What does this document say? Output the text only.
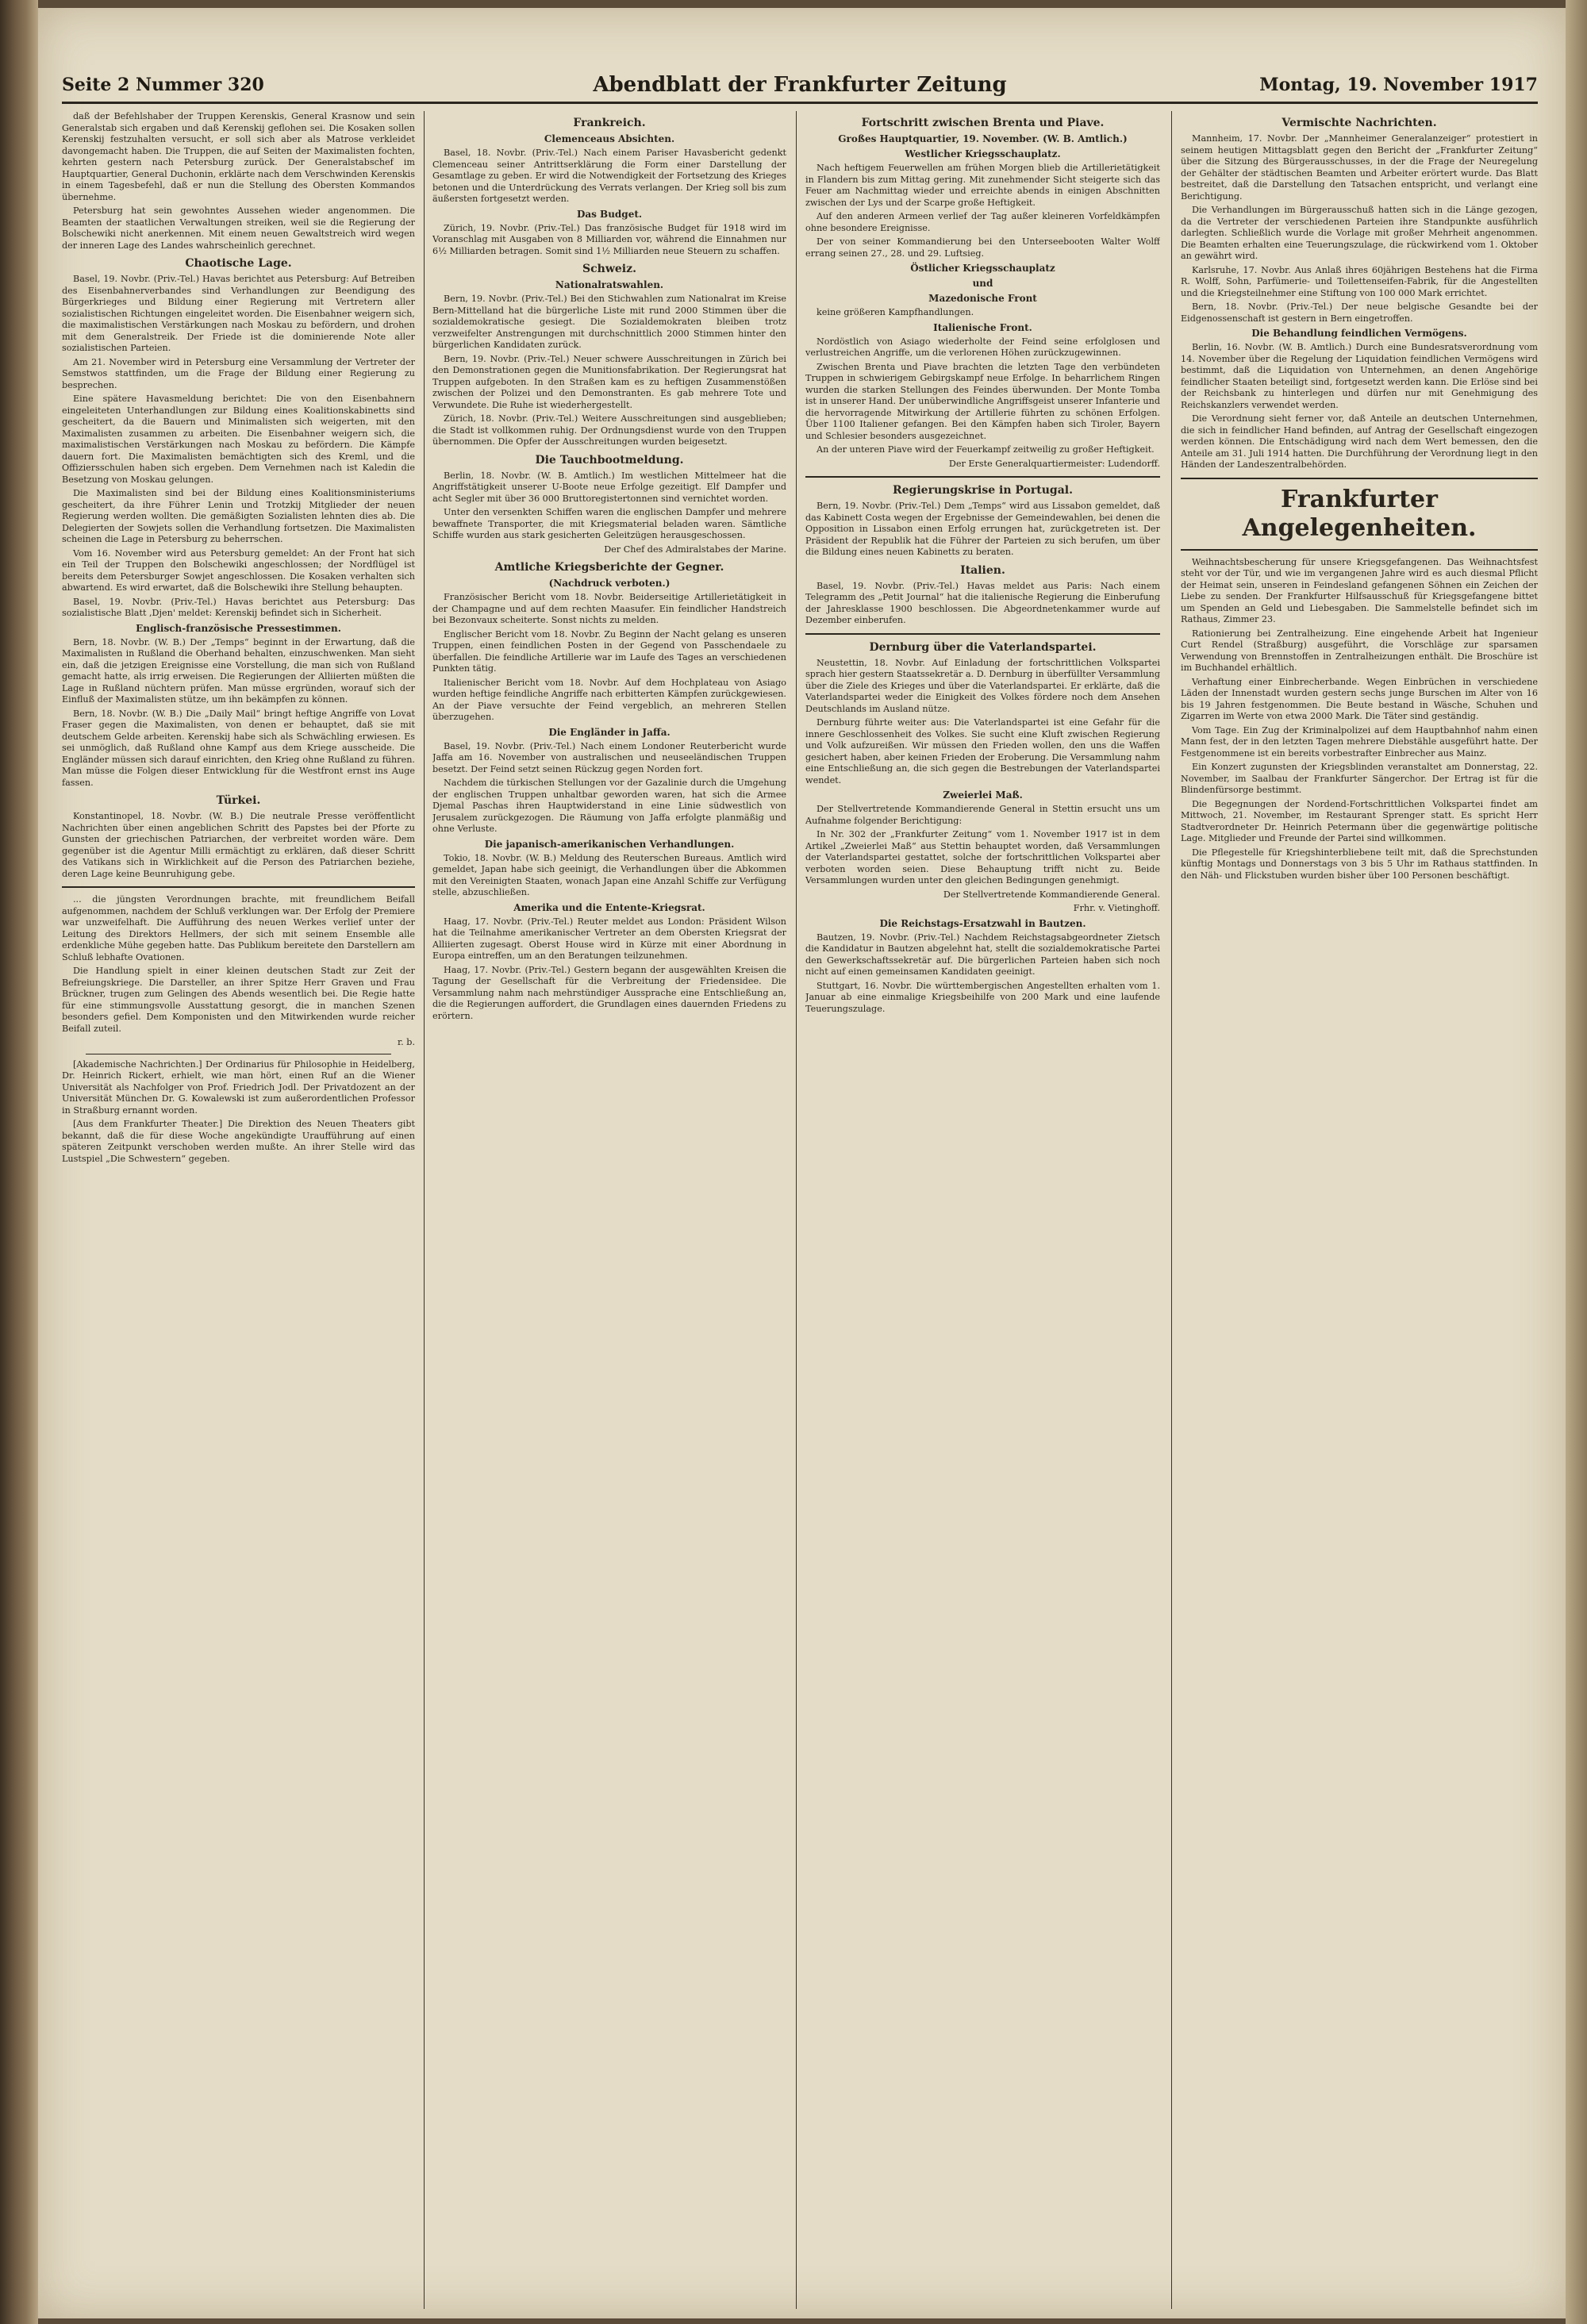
Seite 2 Nummer 320	Abendblatt der Frankfurter Zeitung	Montag, 19. November 1917

daß der Befehlshaber der Truppen Kerenskis, General Krasnow und sein Generalstab sich ergaben und daß Kerenskij geflohen sei. Die Kosaken sollen Kerenskij festzuhalten versucht, er soll sich aber als Matrose verkleidet davongemacht haben. Die Truppen, die auf Seiten der Maximalisten fochten, kehrten gestern nach Petersburg zurück. Der Generalstabschef im Hauptquartier, General Duchonin, erklärte nach dem Verschwinden Kerenskis in einem Tagesbefehl, daß er nun die Stellung des Obersten Kommandos übernehme.

Petersburg hat sein gewohntes Aussehen wieder angenommen. Die Beamten der staatlichen Verwaltungen streiken, weil sie die Regierung der Bolschewiki nicht anerkennen. Mit einem neuen Gewaltstreich wird wegen der inneren Lage des Landes wahrscheinlich gerechnet.

Chaotische Lage.

Basel, 19. Novbr. (Priv.-Tel.) Havas berichtet aus Petersburg: Auf Betreiben des Eisenbahnerverbandes sind Verhandlungen zur Beendigung des Bürgerkrieges und Bildung einer Regierung mit Vertretern aller sozialistischen Richtungen eingeleitet worden. Die Eisenbahner weigern sich, die maximalistischen Verstärkungen nach Moskau zu befördern, und drohen mit dem Generalstreik. Der Friede ist die dominierende Note aller sozialistischen Parteien.

Am 21. November wird in Petersburg eine Versammlung der Vertreter der Semstwos stattfinden, um die Frage der Bildung einer Regierung zu besprechen.

Eine spätere Havasmeldung berichtet: Die von den Eisenbahnern eingeleiteten Unterhandlungen zur Bildung eines Koalitionskabinetts sind gescheitert, da die Bauern und Minimalisten sich weigerten, mit den Maximalisten zusammen zu arbeiten. Die Eisenbahner weigern sich, die maximalistischen Verstärkungen nach Moskau zu befördern. Die Kämpfe dauern fort. Die Maximalisten bemächtigten sich des Kreml, und die Offiziersschulen haben sich ergeben. Dem Vernehmen nach ist Kaledin die Besetzung von Moskau gelungen.

Die Maximalisten sind bei der Bildung eines Koalitionsministeriums gescheitert, da ihre Führer Lenin und Trotzkij Mitglieder der neuen Regierung werden wollten. Die gemäßigten Sozialisten lehnten dies ab. Die Delegierten der Sowjets sollen die Verhandlung fortsetzen. Die Maximalisten scheinen die Lage in Petersburg zu beherrschen.

Vom 16. November wird aus Petersburg gemeldet: An der Front hat sich ein Teil der Truppen den Bolschewiki angeschlossen; der Nordflügel ist bereits dem Petersburger Sowjet angeschlossen. Die Kosaken verhalten sich abwartend. Es wird erwartet, daß die Bolschewiki ihre Stellung behaupten.

Basel, 19. Novbr. (Priv.-Tel.) Havas berichtet aus Petersburg: Das sozialistische Blatt ,Djen' meldet: Kerenskij befindet sich in Sicherheit.

Englisch-französische Pressestimmen.

Bern, 18. Novbr. (W. B.) Der „Temps“ beginnt in der Erwartung, daß die Maximalisten in Rußland die Oberhand behalten, einzuschwenken. Man sieht ein, daß die jetzigen Ereignisse eine Vorstellung, die man sich von Rußland gemacht hatte, als irrig erweisen. Die Regierungen der Alliierten müßten die Lage in Rußland nüchtern prüfen. Man müsse ergründen, worauf sich der Einfluß der Maximalisten stütze, um ihn bekämpfen zu können.

Bern, 18. Novbr. (W. B.) Die „Daily Mail“ bringt heftige Angriffe von Lovat Fraser gegen die Maximalisten, von denen er behauptet, daß sie mit deutschem Gelde arbeiten. Kerenskij habe sich als Schwächling erwiesen. Es sei unmöglich, daß Rußland ohne Kampf aus dem Kriege ausscheide. Die Engländer müssen sich darauf einrichten, den Krieg ohne Rußland zu führen. Man müsse die Folgen dieser Entwicklung für die Westfront ernst ins Auge fassen.

Türkei.

Konstantinopel, 18. Novbr. (W. B.) Die neutrale Presse veröffentlicht Nachrichten über einen angeblichen Schritt des Papstes bei der Pforte zu Gunsten der griechischen Patriarchen, der verbreitet worden wäre. Dem gegenüber ist die Agentur Milli ermächtigt zu erklären, daß dieser Schritt des Vatikans sich in Wirklichkeit auf die Person des Patriarchen beziehe, deren Lage keine Beunruhigung gebe.

... die jüngsten Verordnungen brachte, mit freundlichem Beifall aufgenommen, nachdem der Schluß verklungen war. Der Erfolg der Premiere war unzweifelhaft. Die Aufführung des neuen Werkes verlief unter der Leitung des Direktors Hellmers, der sich mit seinem Ensemble alle erdenkliche Mühe gegeben hatte. Das Publikum bereitete den Darstellern am Schluß lebhafte Ovationen.

Die Handlung spielt in einer kleinen deutschen Stadt zur Zeit der Befreiungskriege. Die Darsteller, an ihrer Spitze Herr Graven und Frau Brückner, trugen zum Gelingen des Abends wesentlich bei. Die Regie hatte für eine stimmungsvolle Ausstattung gesorgt, die in manchen Szenen besonders gefiel. Dem Komponisten und den Mitwirkenden wurde reicher Beifall zuteil.

r. b.

[Akademische Nachrichten.] Der Ordinarius für Philosophie in Heidelberg, Dr. Heinrich Rickert, erhielt, wie man hört, einen Ruf an die Wiener Universität als Nachfolger von Prof. Friedrich Jodl. Der Privatdozent an der Universität München Dr. G. Kowalewski ist zum außerordentlichen Professor in Straßburg ernannt worden.

[Aus dem Frankfurter Theater.] Die Direktion des Neuen Theaters gibt bekannt, daß die für diese Woche angekündigte Uraufführung auf einen späteren Zeitpunkt verschoben werden mußte. An ihrer Stelle wird das Lustspiel „Die Schwestern“ gegeben.

Frankreich.
Clemenceaus Absichten.

Basel, 18. Novbr. (Priv.-Tel.) Nach einem Pariser Havasbericht gedenkt Clemenceau seiner Antrittserklärung die Form einer Darstellung der Gesamtlage zu geben. Er wird die Notwendigkeit der Fortsetzung des Krieges betonen und die Unterdrückung des Verrats verlangen. Der Krieg soll bis zum äußersten fortgesetzt werden.

Das Budget.

Zürich, 19. Novbr. (Priv.-Tel.) Das französische Budget für 1918 wird im Voranschlag mit Ausgaben von 8 Milliarden vor, während die Einnahmen nur 6½ Milliarden betragen. Somit sind 1½ Milliarden neue Steuern zu schaffen.

Schweiz.
Nationalratswahlen.

Bern, 19. Novbr. (Priv.-Tel.) Bei den Stichwahlen zum Nationalrat im Kreise Bern-Mittelland hat die bürgerliche Liste mit rund 2000 Stimmen über die sozialdemokratische gesiegt. Die Sozialdemokraten bleiben trotz verzweifelter Anstrengungen mit durchschnittlich 2000 Stimmen hinter den bürgerlichen Kandidaten zurück.

Bern, 19. Novbr. (Priv.-Tel.) Neuer schwere Ausschreitungen in Zürich bei den Demonstrationen gegen die Munitionsfabrikation. Der Regierungsrat hat Truppen aufgeboten. In den Straßen kam es zu heftigen Zusammenstößen zwischen der Polizei und den Demonstranten. Es gab mehrere Tote und Verwundete. Die Ruhe ist wiederhergestellt.

Zürich, 18. Novbr. (Priv.-Tel.) Weitere Ausschreitungen sind ausgeblieben; die Stadt ist vollkommen ruhig. Der Ordnungsdienst wurde von den Truppen übernommen. Die Opfer der Ausschreitungen wurden beigesetzt.

Die Tauchbootmeldung.

Berlin, 18. Novbr. (W. B. Amtlich.) Im westlichen Mittelmeer hat die Angriffstätigkeit unserer U-Boote neue Erfolge gezeitigt. Elf Dampfer und acht Segler mit über 36 000 Bruttoregistertonnen sind vernichtet worden.

Unter den versenkten Schiffen waren die englischen Dampfer und mehrere bewaffnete Transporter, die mit Kriegsmaterial beladen waren. Sämtliche Schiffe wurden aus stark gesicherten Geleitzügen herausgeschossen.

Der Chef des Admiralstabes der Marine.

Amtliche Kriegsberichte der Gegner.
(Nachdruck verboten.)

Französischer Bericht vom 18. Novbr. Beiderseitige Artillerietätigkeit in der Champagne und auf dem rechten Maasufer. Ein feindlicher Handstreich bei Bezonvaux scheiterte. Sonst nichts zu melden.

Englischer Bericht vom 18. Novbr. Zu Beginn der Nacht gelang es unseren Truppen, einen feindlichen Posten in der Gegend von Passchendaele zu überfallen. Die feindliche Artillerie war im Laufe des Tages an verschiedenen Punkten tätig.

Italienischer Bericht vom 18. Novbr. Auf dem Hochplateau von Asiago wurden heftige feindliche Angriffe nach erbitterten Kämpfen zurückgewiesen. An der Piave versuchte der Feind vergeblich, an mehreren Stellen überzugehen.

Die Engländer in Jaffa.

Basel, 19. Novbr. (Priv.-Tel.) Nach einem Londoner Reuterbericht wurde Jaffa am 16. November von australischen und neuseeländischen Truppen besetzt. Der Feind setzt seinen Rückzug gegen Norden fort.

Nachdem die türkischen Stellungen vor der Gazalinie durch die Umgehung der englischen Truppen unhaltbar geworden waren, hat sich die Armee Djemal Paschas ihren Hauptwiderstand in eine Linie südwestlich von Jerusalem zurückgezogen. Die Räumung von Jaffa erfolgte planmäßig und ohne Verluste.

Die japanisch-amerikanischen Verhandlungen.

Tokio, 18. Novbr. (W. B.) Meldung des Reuterschen Bureaus. Amtlich wird gemeldet, Japan habe sich geeinigt, die Verhandlungen über die Abkommen mit den Vereinigten Staaten, wonach Japan eine Anzahl Schiffe zur Verfügung stelle, abzuschließen.

Amerika und die Entente-Kriegsrat.

Haag, 17. Novbr. (Priv.-Tel.) Reuter meldet aus London: Präsident Wilson hat die Teilnahme amerikanischer Vertreter an dem Obersten Kriegsrat der Alliierten zugesagt. Oberst House wird in Kürze mit einer Abordnung in Europa eintreffen, um an den Beratungen teilzunehmen.

Haag, 17. Novbr. (Priv.-Tel.) Gestern begann der ausgewählten Kreisen die Tagung der Gesellschaft für die Verbreitung der Friedensidee. Die Versammlung nahm nach mehrstündiger Aussprache eine Entschließung an, die die Regierungen auffordert, die Grundlagen eines dauernden Friedens zu erörtern.

Fortschritt zwischen Brenta und Piave.
Großes Hauptquartier, 19. November. (W. B. Amtlich.)
Westlicher Kriegsschauplatz.

Nach heftigem Feuerwellen am frühen Morgen blieb die Artillerietätigkeit in Flandern bis zum Mittag gering. Mit zunehmender Sicht steigerte sich das Feuer am Nachmittag wieder und erreichte abends in einigen Abschnitten zwischen der Lys und der Scarpe große Heftigkeit.

Auf den anderen Armeen verlief der Tag außer kleineren Vorfeldkämpfen ohne besondere Ereignisse.

Der von seiner Kommandierung bei den Unterseebooten Walter Wolff errang seinen 27., 28. und 29. Luftsieg.

Östlicher Kriegsschauplatz
und
Mazedonische Front

keine größeren Kampfhandlungen.

Italienische Front.

Nordöstlich von Asiago wiederholte der Feind seine erfolglosen und verlustreichen Angriffe, um die verlorenen Höhen zurückzugewinnen.

Zwischen Brenta und Piave brachten die letzten Tage den verbündeten Truppen in schwierigem Gebirgskampf neue Erfolge. In beharrlichem Ringen wurden die starken Stellungen des Feindes überwunden. Der Monte Tomba ist in unserer Hand. Der unüberwindliche Angriffsgeist unserer Infanterie und die hervorragende Mitwirkung der Artillerie führten zu schönen Erfolgen. Über 1100 Italiener gefangen. Bei den Kämpfen haben sich Tiroler, Bayern und Schlesier besonders ausgezeichnet.

An der unteren Piave wird der Feuerkampf zeitweilig zu großer Heftigkeit.

Der Erste Generalquartiermeister: Ludendorff.

Regierungskrise in Portugal.

Bern, 19. Novbr. (Priv.-Tel.) Dem „Temps“ wird aus Lissabon gemeldet, daß das Kabinett Costa wegen der Ergebnisse der Gemeindewahlen, bei denen die Opposition in Lissabon einen Erfolg errungen hat, zurückgetreten ist. Der Präsident der Republik hat die Führer der Parteien zu sich berufen, um über die Bildung eines neuen Kabinetts zu beraten.

Italien.

Basel, 19. Novbr. (Priv.-Tel.) Havas meldet aus Paris: Nach einem Telegramm des „Petit Journal“ hat die italienische Regierung die Einberufung der Jahresklasse 1900 beschlossen. Die Abgeordnetenkammer wurde auf Dezember einberufen.

Dernburg über die Vaterlandspartei.

Neustettin, 18. Novbr. Auf Einladung der fortschrittlichen Volkspartei sprach hier gestern Staatssekretär a. D. Dernburg in überfüllter Versammlung über die Ziele des Krieges und über die Vaterlandspartei. Er erklärte, daß die Vaterlandspartei weder die Einigkeit des Volkes fördere noch dem Ansehen Deutschlands im Ausland nütze.

Dernburg führte weiter aus: Die Vaterlandspartei ist eine Gefahr für die innere Geschlossenheit des Volkes. Sie sucht eine Kluft zwischen Regierung und Volk aufzureißen. Wir müssen den Frieden wollen, den uns die Waffen gesichert haben, aber keinen Frieden der Eroberung. Die Versammlung nahm eine Entschließung an, die sich gegen die Bestrebungen der Vaterlandspartei wendet.

Zweierlei Maß.

Der Stellvertretende Kommandierende General in Stettin ersucht uns um Aufnahme folgender Berichtigung:

In Nr. 302 der „Frankfurter Zeitung“ vom 1. November 1917 ist in dem Artikel „Zweierlei Maß“ aus Stettin behauptet worden, daß Versammlungen der Vaterlandspartei gestattet, solche der fortschrittlichen Volkspartei aber verboten worden seien. Diese Behauptung trifft nicht zu. Beide Versammlungen wurden unter den gleichen Bedingungen genehmigt.

Der Stellvertretende Kommandierende General.

Frhr. v. Vietinghoff.

Die Reichstags-Ersatzwahl in Bautzen.

Bautzen, 19. Novbr. (Priv.-Tel.) Nachdem Reichstagsabgeordneter Zietsch die Kandidatur in Bautzen abgelehnt hat, stellt die sozialdemokratische Partei den Gewerkschaftssekretär auf. Die bürgerlichen Parteien haben sich noch nicht auf einen gemeinsamen Kandidaten geeinigt.

Stuttgart, 16. Novbr. Die württembergischen Angestellten erhalten vom 1. Januar ab eine einmalige Kriegsbeihilfe von 200 Mark und eine laufende Teuerungszulage.

Vermischte Nachrichten.

Mannheim, 17. Novbr. Der „Mannheimer Generalanzeiger“ protestiert in seinem heutigen Mittagsblatt gegen den Bericht der „Frankfurter Zeitung“ über die Sitzung des Bürgerausschusses, in der die Frage der Neuregelung der Gehälter der städtischen Beamten und Arbeiter erörtert wurde. Das Blatt bestreitet, daß die Darstellung den Tatsachen entspricht, und verlangt eine Berichtigung.

Die Verhandlungen im Bürgerausschuß hatten sich in die Länge gezogen, da die Vertreter der verschiedenen Parteien ihre Standpunkte ausführlich darlegten. Schließlich wurde die Vorlage mit großer Mehrheit angenommen. Die Beamten erhalten eine Teuerungszulage, die rückwirkend vom 1. Oktober an gewährt wird.

Karlsruhe, 17. Novbr. Aus Anlaß ihres 60jährigen Bestehens hat die Firma R. Wolff, Sohn, Parfümerie- und Toilettenseifen-Fabrik, für die Angestellten und die Kriegsteilnehmer eine Stiftung von 100 000 Mark errichtet.

Bern, 18. Novbr. (Priv.-Tel.) Der neue belgische Gesandte bei der Eidgenossenschaft ist gestern in Bern eingetroffen.

Die Behandlung feindlichen Vermögens.

Berlin, 16. Novbr. (W. B. Amtlich.) Durch eine Bundesratsverordnung vom 14. November über die Regelung der Liquidation feindlichen Vermögens wird bestimmt, daß die Liquidation von Unternehmen, an denen Angehörige feindlicher Staaten beteiligt sind, fortgesetzt werden kann. Die Erlöse sind bei der Reichsbank zu hinterlegen und dürfen nur mit Genehmigung des Reichskanzlers verwendet werden.

Die Verordnung sieht ferner vor, daß Anteile an deutschen Unternehmen, die sich in feindlicher Hand befinden, auf Antrag der Gesellschaft eingezogen werden können. Die Entschädigung wird nach dem Wert bemessen, den die Anteile am 31. Juli 1914 hatten. Die Durchführung der Verordnung liegt in den Händen der Landeszentralbehörden.

Frankfurter Angelegenheiten.

Weihnachtsbescherung für unsere Kriegsgefangenen. Das Weihnachtsfest steht vor der Tür, und wie im vergangenen Jahre wird es auch diesmal Pflicht der Heimat sein, unseren in Feindesland gefangenen Söhnen ein Zeichen der Liebe zu senden. Der Frankfurter Hilfsausschuß für Kriegsgefangene bittet um Spenden an Geld und Liebesgaben. Die Sammelstelle befindet sich im Rathaus, Zimmer 23.

Rationierung bei Zentralheizung. Eine eingehende Arbeit hat Ingenieur Curt Rendel (Straßburg) ausgeführt, die Vorschläge zur sparsamen Verwendung von Brennstoffen in Zentralheizungen enthält. Die Broschüre ist im Buchhandel erhältlich.

Verhaftung einer Einbrecherbande. Wegen Einbrüchen in verschiedene Läden der Innenstadt wurden gestern sechs junge Burschen im Alter von 16 bis 19 Jahren festgenommen. Die Beute bestand in Wäsche, Schuhen und Zigarren im Werte von etwa 2000 Mark. Die Täter sind geständig.

Vom Tage. Ein Zug der Kriminalpolizei auf dem Hauptbahnhof nahm einen Mann fest, der in den letzten Tagen mehrere Diebstähle ausgeführt hatte. Der Festgenommene ist ein bereits vorbestrafter Einbrecher aus Mainz.

Ein Konzert zugunsten der Kriegsblinden veranstaltet am Donnerstag, 22. November, im Saalbau der Frankfurter Sängerchor. Der Ertrag ist für die Blindenfürsorge bestimmt.

Die Begegnungen der Nordend-Fortschrittlichen Volkspartei findet am Mittwoch, 21. November, im Restaurant Sprenger statt. Es spricht Herr Stadtverordneter Dr. Heinrich Petermann über die gegenwärtige politische Lage. Mitglieder und Freunde der Partei sind willkommen.

Die Pflegestelle für Kriegshinterbliebene teilt mit, daß die Sprechstunden künftig Montags und Donnerstags von 3 bis 5 Uhr im Rathaus stattfinden. In den Näh- und Flickstuben wurden bisher über 100 Personen beschäftigt.
